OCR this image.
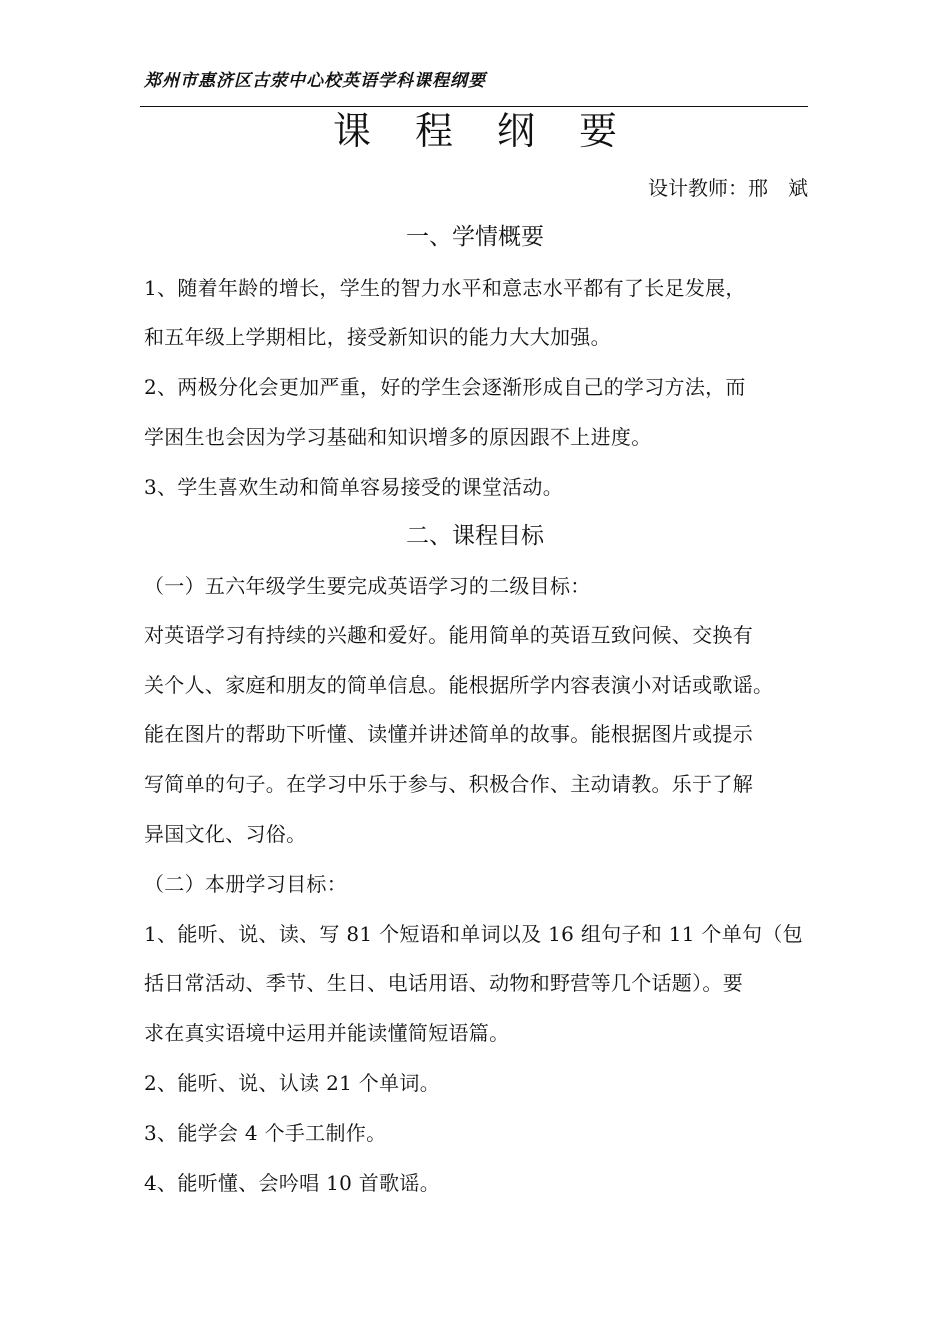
郑州市惠济区古荥中心校英语学科课程纲要
课程纲要
设计教师：邢　斌
一、学情概要
1、随着年龄的增长，学生的智力水平和意志水平都有了长足发展，
和五年级上学期相比，接受新知识的能力大大加强。
2、两极分化会更加严重，好的学生会逐渐形成自己的学习方法，而
学困生也会因为学习基础和知识增多的原因跟不上进度。
3、学生喜欢生动和简单容易接受的课堂活动。
二、课程目标
（一）五六年级学生要完成英语学习的二级目标：
对英语学习有持续的兴趣和爱好。能用简单的英语互致问候、交换有
关个人、家庭和朋友的简单信息。能根据所学内容表演小对话或歌谣。
能在图片的帮助下听懂、读懂并讲述简单的故事。能根据图片或提示
写简单的句子。在学习中乐于参与、积极合作、主动请教。乐于了解
异国文化、习俗。
（二）本册学习目标：
1、能听、说、读、写 81 个短语和单词以及 16 组句子和 11 个单句（包
括日常活动、季节、生日、电话用语、动物和野营等几个话题）。要
求在真实语境中运用并能读懂简短语篇。
2、能听、说、认读 21 个单词。
3、能学会 4 个手工制作。
4、能听懂、会吟唱 10 首歌谣。
